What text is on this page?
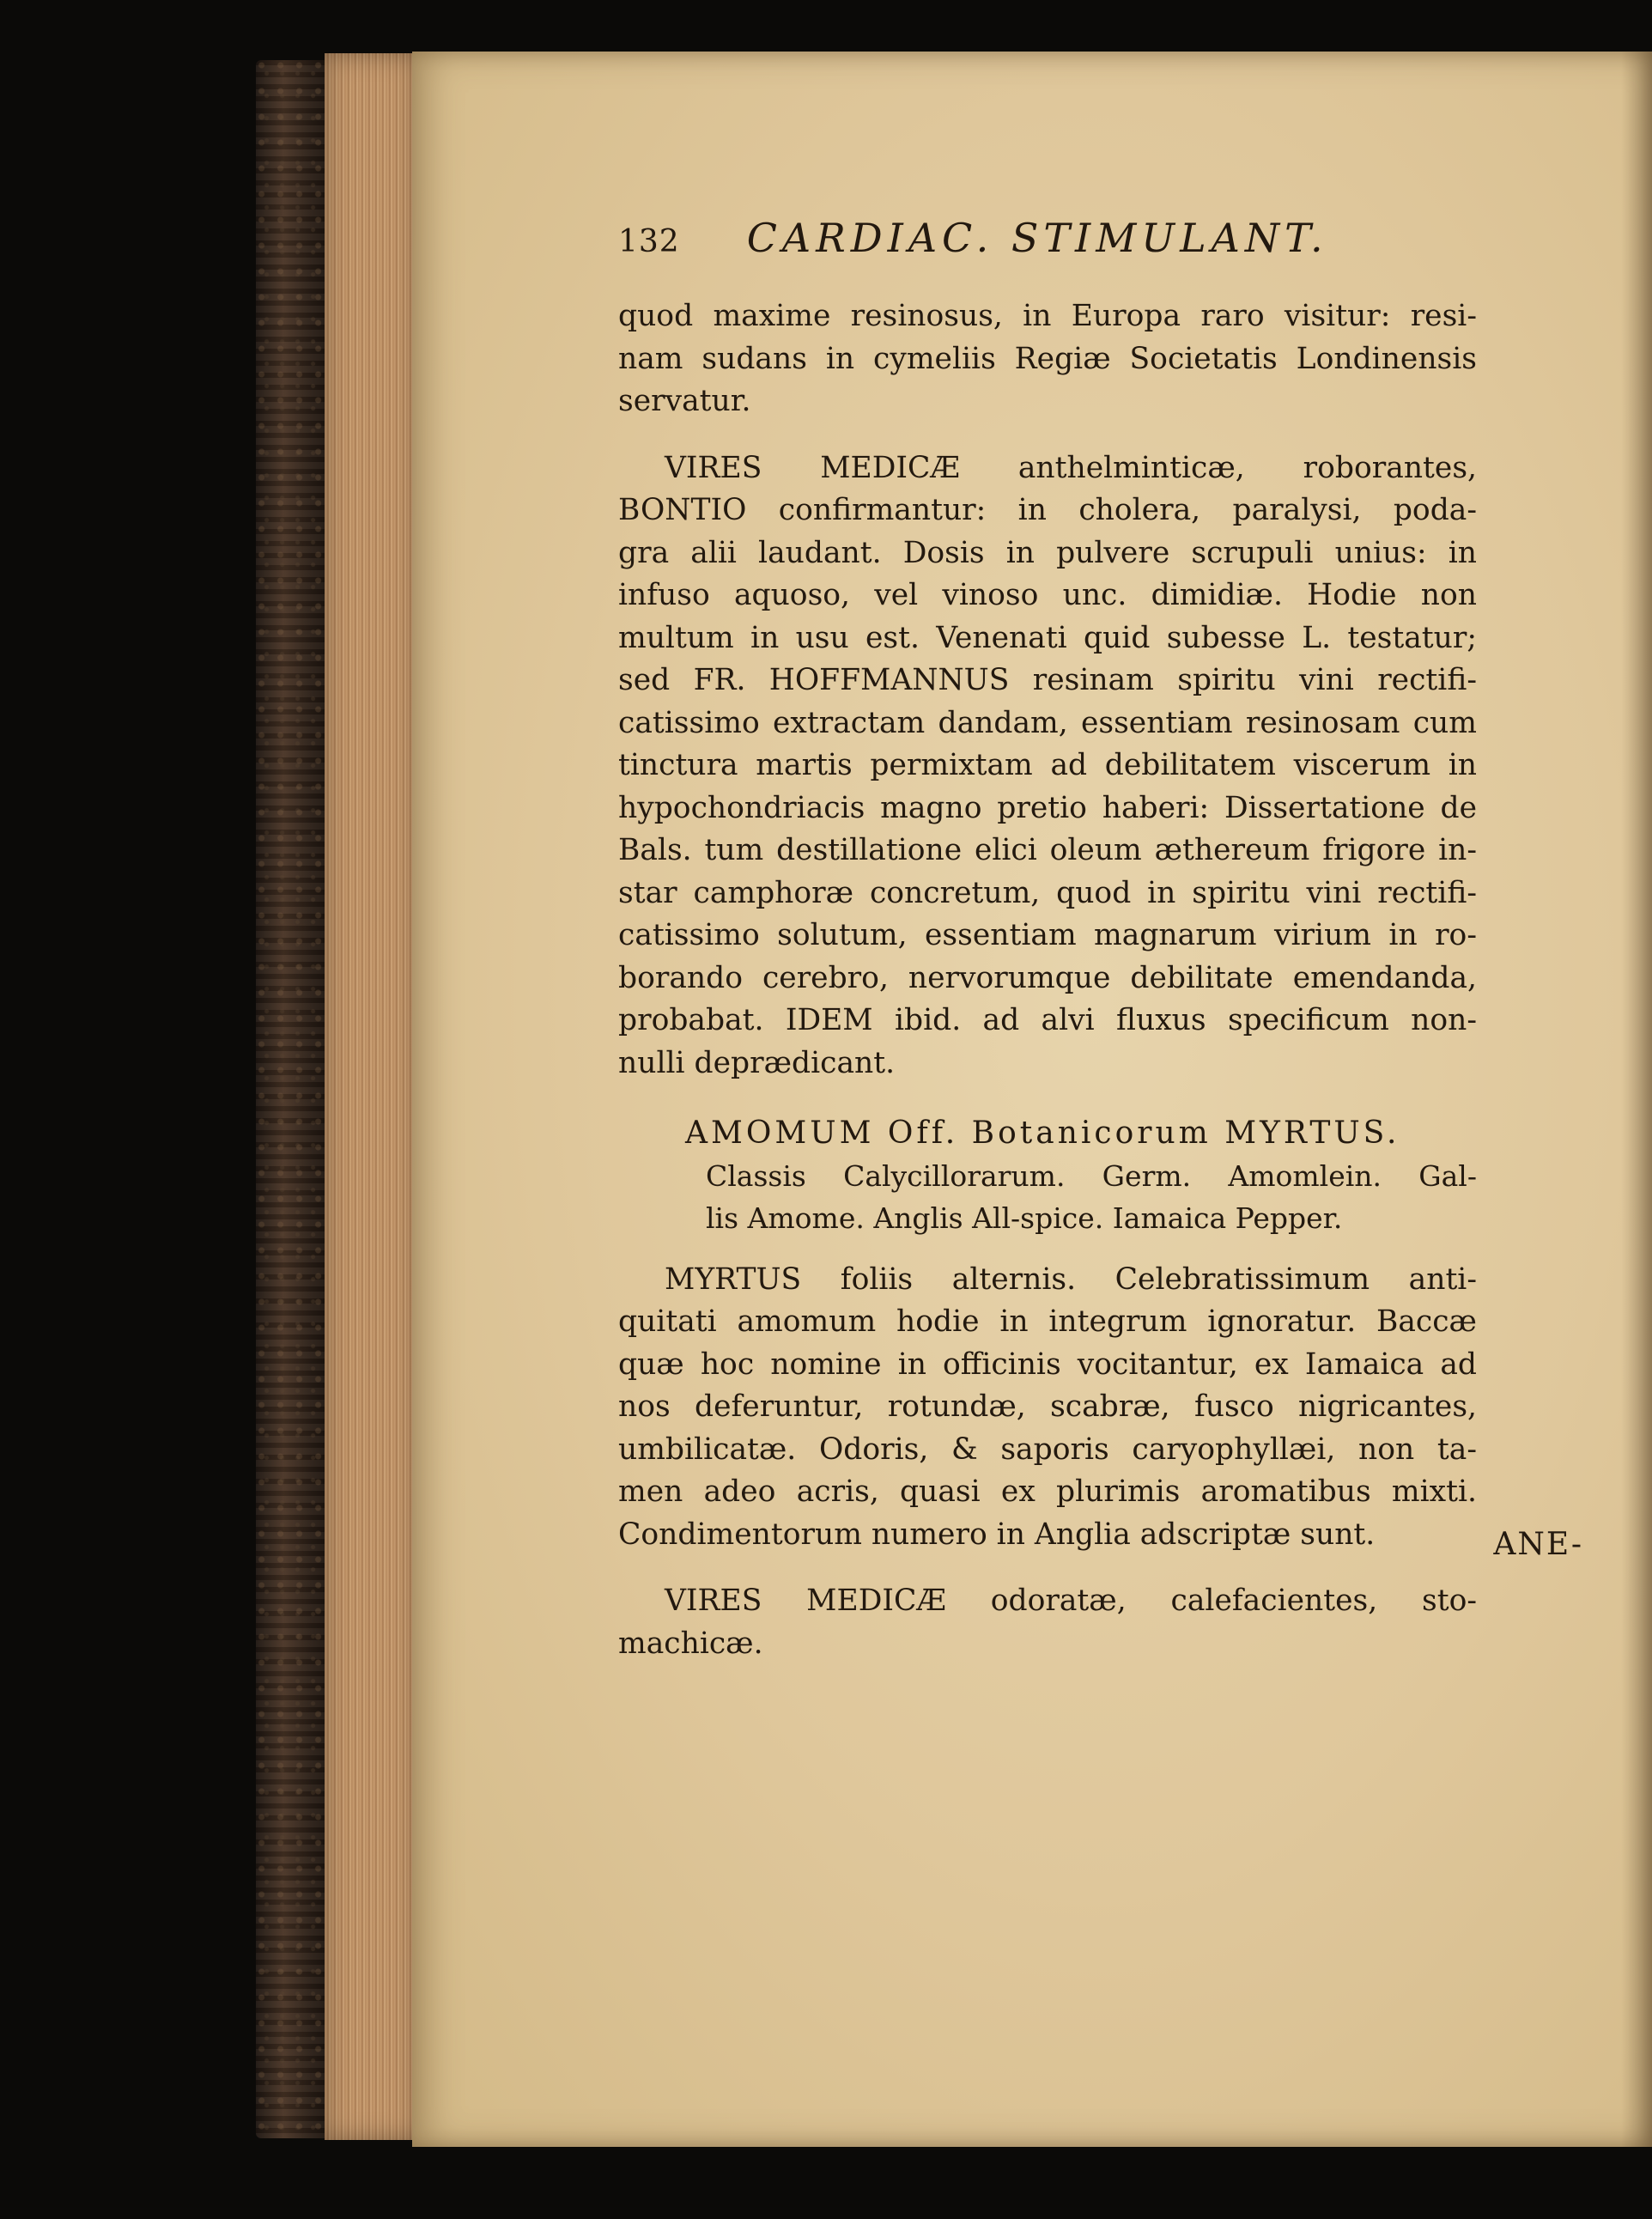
132 CARDIAC. STIMULANT.
quod maxime resinosus, in Europa raro visitur: resi-
nam sudans in cymeliis Regiæ Societatis Londinensis
servatur.
VIRES MEDICÆ anthelminticæ, roborantes,
BONTIO confirmantur: in cholera, paralysi, poda-
gra alii laudant. Dosis in pulvere scrupuli unius: in
infuso aquoso, vel vinoso unc. dimidiæ. Hodie non
multum in usu est. Venenati quid subesse L. testatur;
sed FR. HOFFMANNUS resinam spiritu vini rectifi-
catissimo extractam dandam, essentiam resinosam cum
tinctura martis permixtam ad debilitatem viscerum in
hypochondriacis magno pretio haberi: Dissertatione de
Bals. tum destillatione elici oleum æthereum frigore in-
star camphoræ concretum, quod in spiritu vini rectifi-
catissimo solutum, essentiam magnarum virium in ro-
borando cerebro, nervorumque debilitate emendanda,
probabat. IDEM ibid. ad alvi fluxus specificum non-
nulli deprædicant.
AMOMUM Off. Botanicorum MYRTUS.
Classis Calycillorarum. Germ. Amomlein. Gal-
lis Amome. Anglis All-spice. Iamaica Pepper.
MYRTUS foliis alternis. Celebratissimum anti-
quitati amomum hodie in integrum ignoratur. Baccæ
quæ hoc nomine in officinis vocitantur, ex Iamaica ad
nos deferuntur, rotundæ, scabræ, fusco nigricantes,
umbilicatæ. Odoris, & saporis caryophyllæi, non ta-
men adeo acris, quasi ex plurimis aromatibus mixti.
Condimentorum numero in Anglia adscriptæ sunt.
VIRES MEDICÆ odoratæ, calefacientes, sto-
machicæ.
ANE-
